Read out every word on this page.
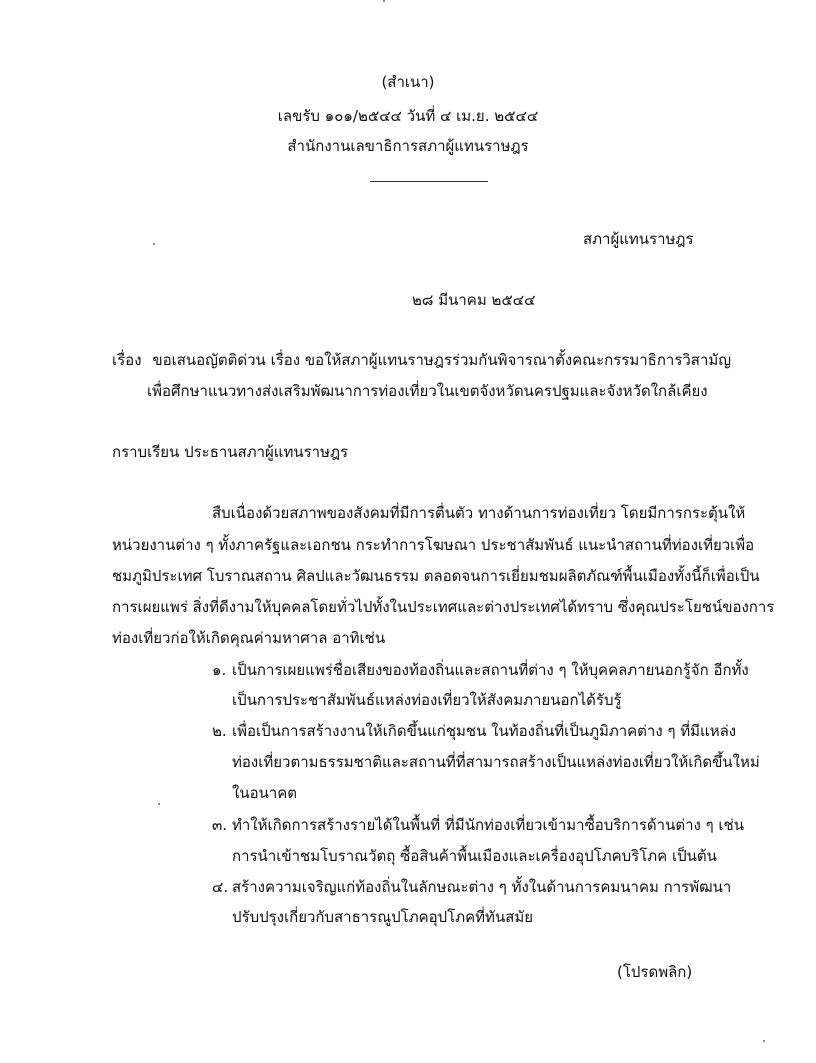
(สำเนา)
เลขรับ ๑๐๑/๒๕๔๔ วันที่ ๔ เม.ย. ๒๕๔๔
สำนักงานเลขาธิการสภาผู้แทนราษฎร
สภาผู้แทนราษฎร
๒๘ มีนาคม ๒๕๔๔
เรื่อง ขอเสนอญัตติด่วน เรื่อง ขอให้สภาผู้แทนราษฎรร่วมกันพิจารณาตั้งคณะกรรมาธิการวิสามัญ
เพื่อศึกษาแนวทางส่งเสริมพัฒนาการท่องเที่ยวในเขตจังหวัดนครปฐมและจังหวัดใกล้เคียง
กราบเรียน ประธานสภาผู้แทนราษฎร
สืบเนื่องด้วยสภาพของสังคมที่มีการตื่นตัว ทางด้านการท่องเที่ยว โดยมีการกระตุ้นให้
หน่วยงานต่าง ๆ ทั้งภาครัฐและเอกชน กระทำการโฆษณา ประชาสัมพันธ์ แนะนำสถานที่ท่องเที่ยวเพื่อ
ชมภูมิประเทศ โบราณสถาน ศิลปและวัฒนธรรม ตลอดจนการเยี่ยมชมผลิตภัณฑ์พื้นเมืองทั้งนี้ก็เพื่อเป็น
การเผยแพร่ สิ่งที่ดีงามให้บุคคลโดยทั่วไปทั้งในประเทศและต่างประเทศได้ทราบ ซึ่งคุณประโยชน์ของการ
ท่องเที่ยวก่อให้เกิดคุณค่ามหาศาล อาทิเช่น
๑. เป็นการเผยแพร่ชื่อเสียงของท้องถิ่นและสถานที่ต่าง ๆ ให้บุคคลภายนอกรู้จัก อีกทั้ง
เป็นการประชาสัมพันธ์แหล่งท่องเที่ยวให้สังคมภายนอกได้รับรู้
๒. เพื่อเป็นการสร้างงานให้เกิดขึ้นแก่ชุมชน ในท้องถิ่นที่เป็นภูมิภาคต่าง ๆ ที่มีแหล่ง
ท่องเที่ยวตามธรรมชาติและสถานที่ที่สามารถสร้างเป็นแหล่งท่องเที่ยวให้เกิดขึ้นใหม่
ในอนาคต
๓. ทำให้เกิดการสร้างรายได้ในพื้นที่ ที่มีนักท่องเที่ยวเข้ามาซื้อบริการด้านต่าง ๆ เช่น
การนำเข้าชมโบราณวัตถุ ซื้อสินค้าพื้นเมืองและเครื่องอุปโภคบริโภค เป็นต้น
๔. สร้างความเจริญแก่ท้องถิ่นในลักษณะต่าง ๆ ทั้งในด้านการคมนาคม การพัฒนา
ปรับปรุงเกี่ยวกับสาธารณูปโภคอุปโภคที่ทันสมัย
(โปรดพลิก)
